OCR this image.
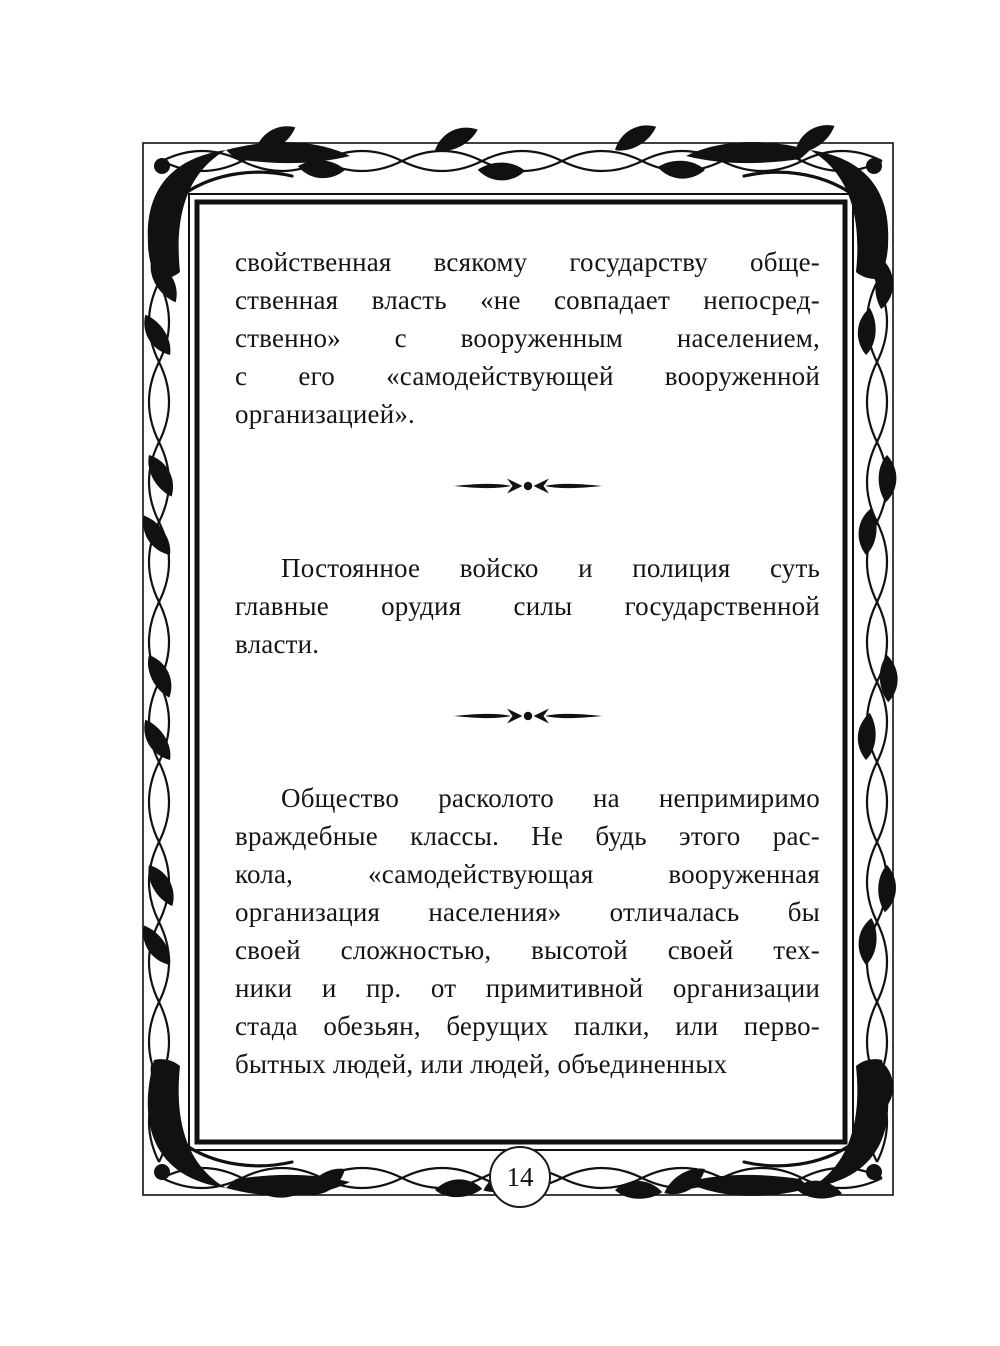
свойственная всякому государству обще-
ственная власть «не совпадает непосред-
ственно» с вооруженным населением,
с его «самодействующей вооруженной
организацией».

Постоянное войско и полиция суть
главные орудия силы государственной
власти.

Общество расколото на непримиримо
враждебные классы. Не будь этого рас-
кола, «самодействующая вооруженная
организация населения» отличалась бы
своей сложностью, высотой своей тех-
ники и пр. от примитивной организации
стада обезьян, берущих палки, или перво-
бытных людей, или людей, объединенных

14
